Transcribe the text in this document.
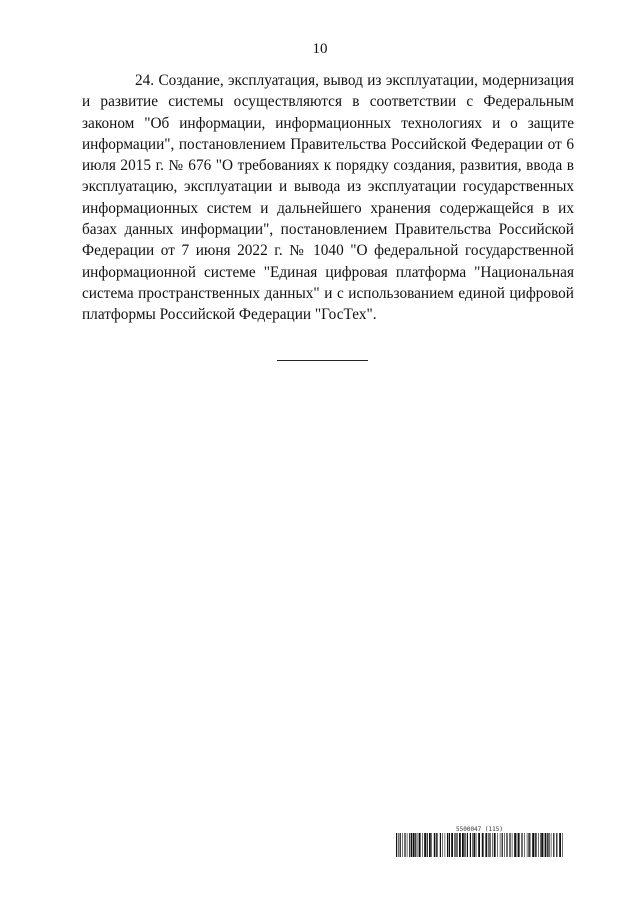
10

24. Создание, эксплуатация, вывод из эксплуатации, модернизация и развитие системы осуществляются в соответствии с Федеральным законом "Об информации, информационных технологиях и о защите информации", постановлением Правительства Российской Федерации от 6 июля 2015 г. № 676 "О требованиях к порядку создания, развития, ввода в эксплуатацию, эксплуатации и вывода из эксплуатации государственных информационных систем и дальнейшего хранения содержащейся в их базах данных информации", постановлением Правительства Российской Федерации от 7 июня 2022 г. № 1040 "О федеральной государственной информационной системе "Единая цифровая платформа "Национальная система пространственных данных" и с использованием единой цифровой платформы Российской Федерации "ГосТех".

5500047 (115)
